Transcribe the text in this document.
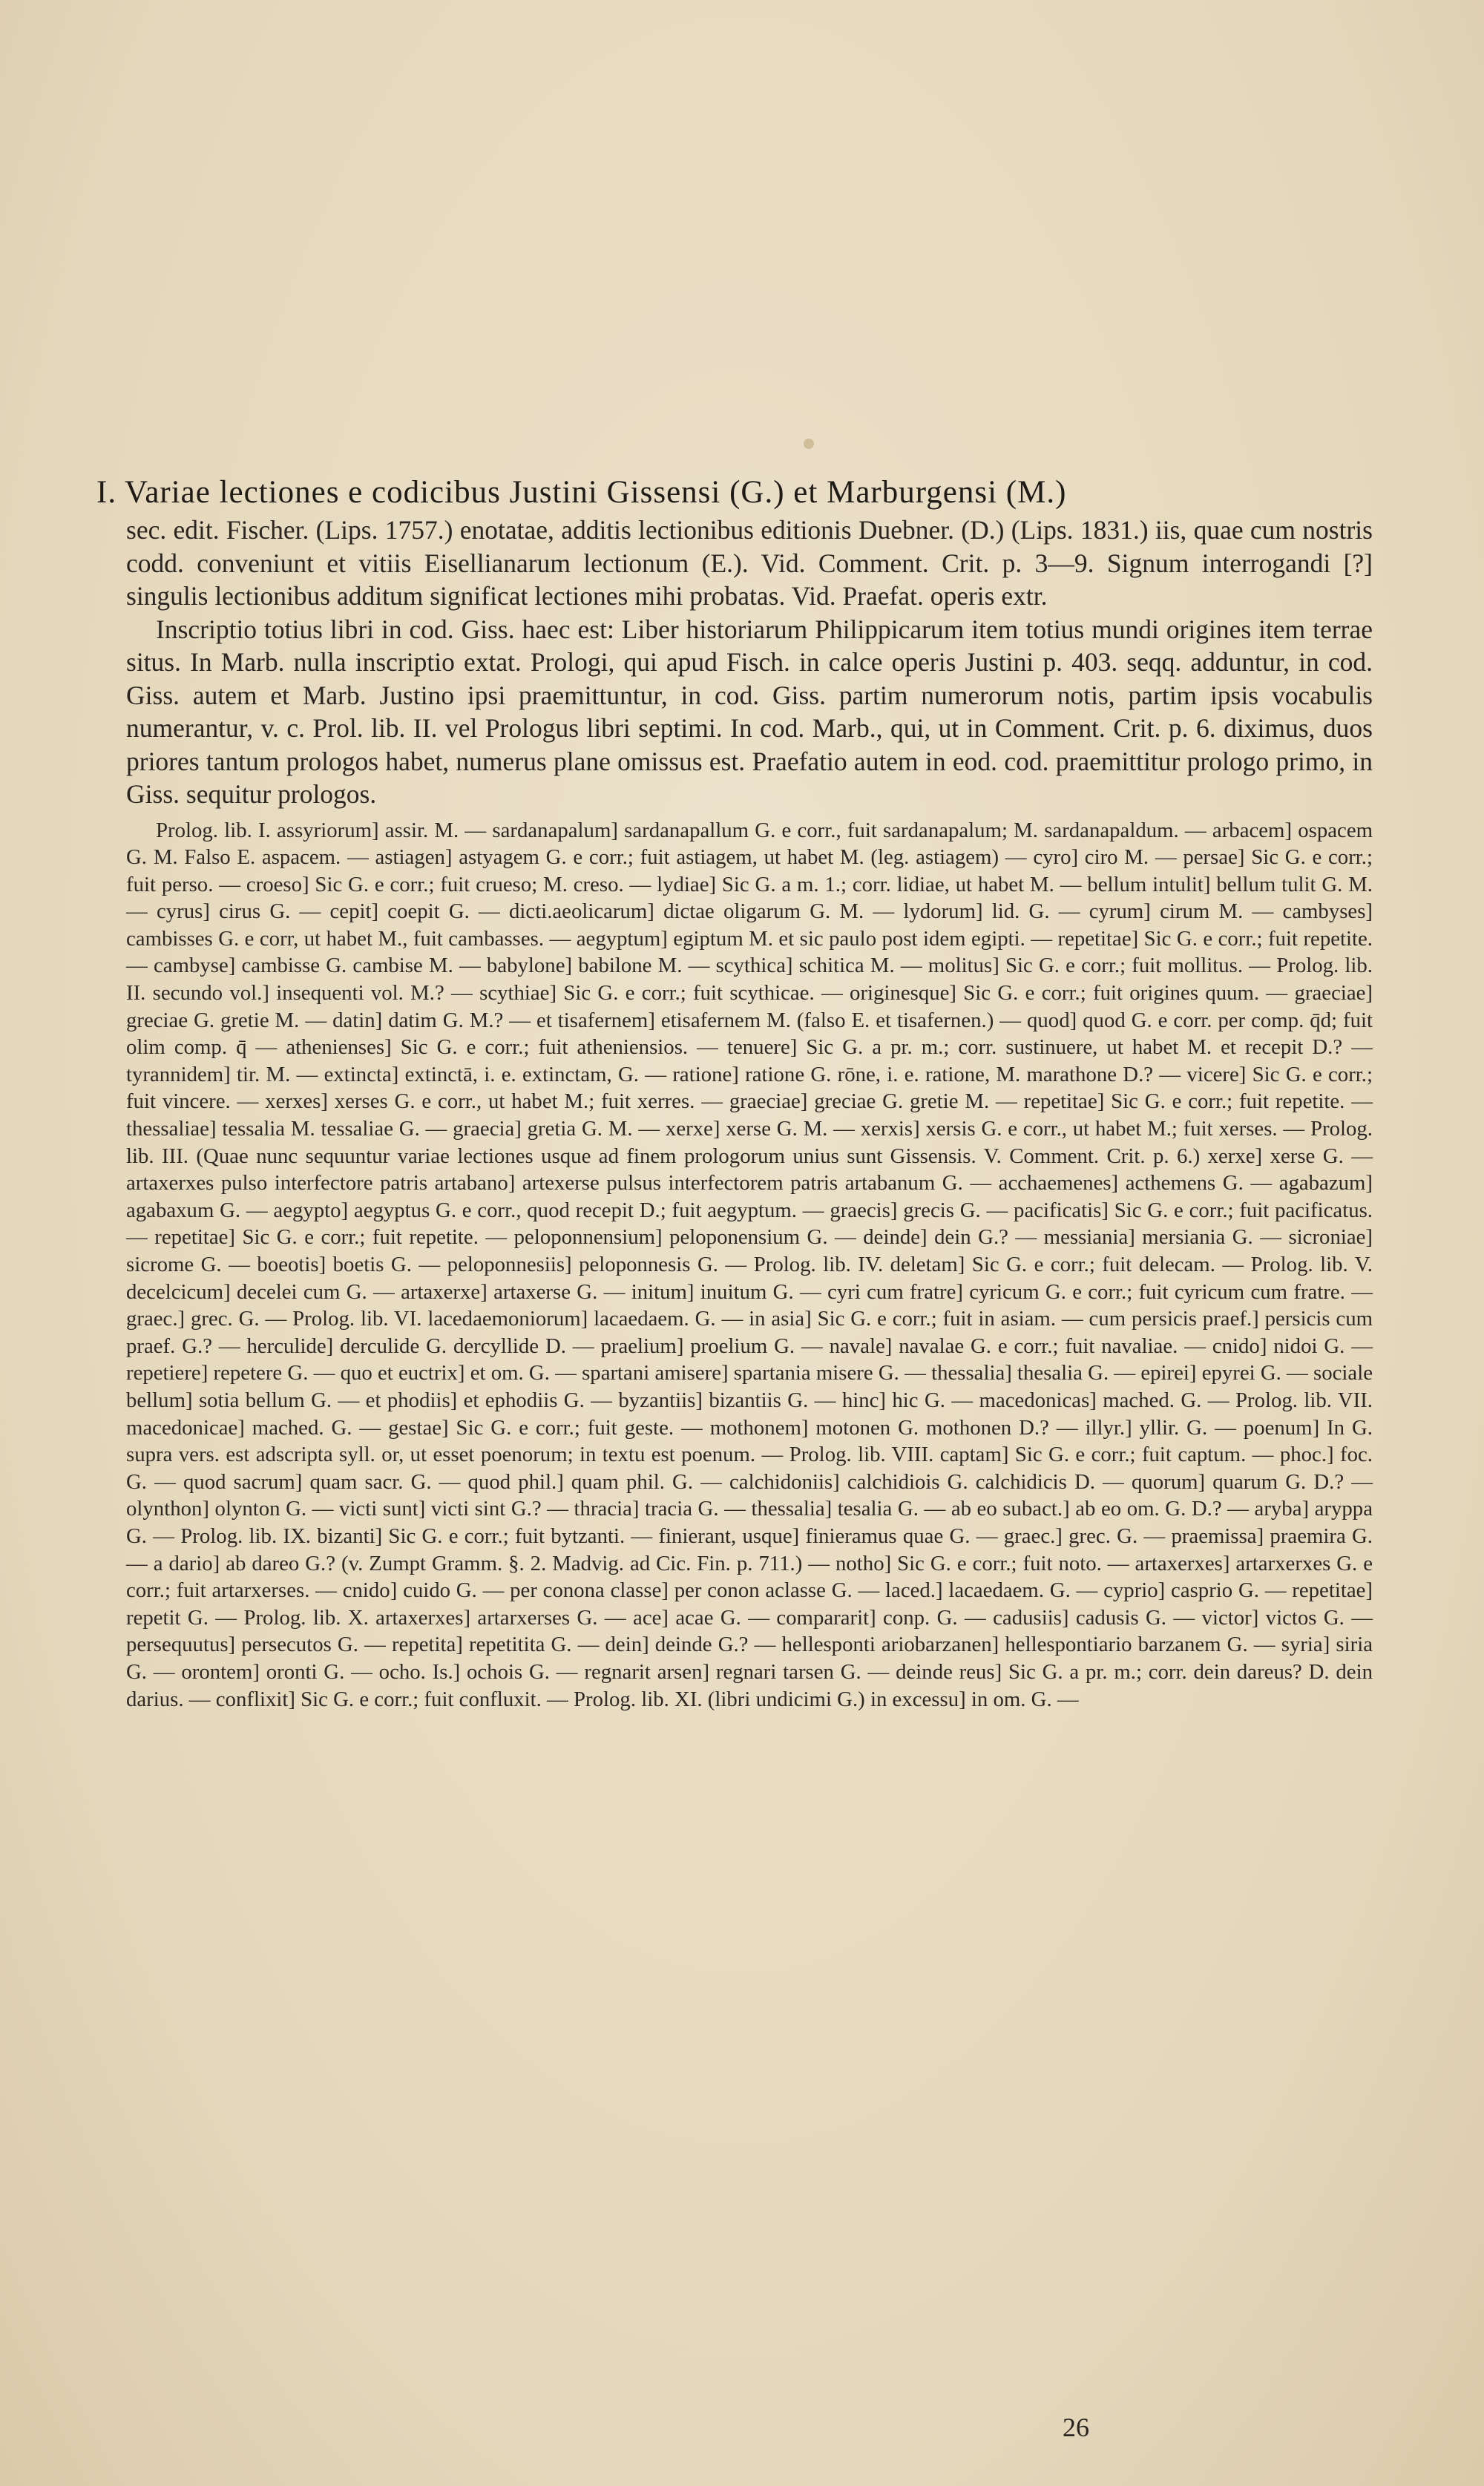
I. Variae lectiones e codicibus Justini Gissensi (G.) et Marburgensi (M.)

sec. edit. Fischer. (Lips. 1757.) enotatae, additis lectionibus editionis Duebner. (D.) (Lips. 1831.) iis, quae cum nostris codd. conveniunt et vitiis Eisellianarum lectionum (E.). Vid. Comment. Crit. p. 3—9. Signum interrogandi [?] singulis lectionibus additum significat lectiones mihi probatas. Vid. Praefat. operis extr.

Inscriptio totius libri in cod. Giss. haec est: Liber historiarum Philippicarum item totius mundi origines item terrae situs. In Marb. nulla inscriptio extat. Prologi, qui apud Fisch. in calce operis Justini p. 403. seqq. adduntur, in cod. Giss. autem et Marb. Justino ipsi praemittuntur, in cod. Giss. partim numerorum notis, partim ipsis vocabulis numerantur, v. c. Prol. lib. II. vel Prologus libri septimi. In cod. Marb., qui, ut in Comment. Crit. p. 6. diximus, duos priores tantum prologos habet, numerus plane omissus est. Praefatio autem in eod. cod. praemittitur prologo primo, in Giss. sequitur prologos.

Prolog. lib. I. assyriorum] assir. M. — sardanapalum] sardanapallum G. e corr., fuit sardanapalum; M. sardanapaldum. — arbacem] ospacem G. M. Falso E. aspacem. — astiagen] astyagem G. e corr.; fuit astiagem, ut habet M. (leg. astiagem) — cyro] ciro M. — persae] Sic G. e corr.; fuit perso. — croeso] Sic G. e corr.; fuit crueso; M. creso. — lydiae] Sic G. a m. 1.; corr. lidiae, ut habet M. — bellum intulit] bellum tulit G. M. — cyrus] cirus G. — cepit] coepit G. — dicti.aeolicarum] dictae oligarum G. M. — lydorum] lid. G. — cyrum] cirum M. — cambyses] cambisses G. e corr, ut habet M., fuit cambasses. — aegyptum] egiptum M. et sic paulo post idem egipti. — repetitae] Sic G. e corr.; fuit repetite. — cambyse] cambisse G. cambise M. — babylone] babilone M. — scythica] schitica M. — molitus] Sic G. e corr.; fuit mollitus. — Prolog. lib. II. secundo vol.] insequenti vol. M.? — scythiae] Sic G. e corr.; fuit scythicae. — originesque] Sic G. e corr.; fuit origines quum. — graeciae] greciae G. gretie M. — datin] datim G. M.? — et tisafernem] etisafernem M. (falso E. et tisafernen.) — quod] quod G. e corr. per comp. q̄d; fuit olim comp. q̄ — athenienses] Sic G. e corr.; fuit atheniensios. — tenuere] Sic G. a pr. m.; corr. sustinuere, ut habet M. et recepit D.? — tyrannidem] tir. M. — extincta] extinctā, i. e. extinctam, G. — ratione] ratione G. rōne, i. e. ratione, M. marathone D.? — vicere] Sic G. e corr.; fuit vincere. — xerxes] xerses G. e corr., ut habet M.; fuit xerres. — graeciae] greciae G. gretie M. — repetitae] Sic G. e corr.; fuit repetite. — thessaliae] tessalia M. tessaliae G. — graecia] gretia G. M. — xerxe] xerse G. M. — xerxis] xersis G. e corr., ut habet M.; fuit xerses. — Prolog. lib. III. (Quae nunc sequuntur variae lectiones usque ad finem prologorum unius sunt Gissensis. V. Comment. Crit. p. 6.) xerxe] xerse G. — artaxerxes pulso interfectore patris artabano] artexerse pulsus interfectorem patris artabanum G. — acchaemenes] acthemens G. — agabazum] agabaxum G. — aegypto] aegyptus G. e corr., quod recepit D.; fuit aegyptum. — graecis] grecis G. — pacificatis] Sic G. e corr.; fuit pacificatus. — repetitae] Sic G. e corr.; fuit repetite. — peloponnensium] peloponensium G. — deinde] dein G.? — messiania] mersiania G. — sicroniae] sicrome G. — boeotis] boetis G. — peloponnesiis] peloponnesis G. — Prolog. lib. IV. deletam] Sic G. e corr.; fuit delecam. — Prolog. lib. V. decelcicum] decelei cum G. — artaxerxe] artaxerse G. — initum] inuitum G. — cyri cum fratre] cyricum G. e corr.; fuit cyricum cum fratre. — graec.] grec. G. — Prolog. lib. VI. lacedaemoniorum] lacaedaem. G. — in asia] Sic G. e corr.; fuit in asiam. — cum persicis praef.] persicis cum praef. G.? — herculide] derculide G. dercyllide D. — praelium] proelium G. — navale] navalae G. e corr.; fuit navaliae. — cnido] nidoi G. — repetiere] repetere G. — quo et euctrix] et om. G. — spartani amisere] spartania misere G. — thessalia] thesalia G. — epirei] epyrei G. — sociale bellum] sotia bellum G. — et phodiis] et ephodiis G. — byzantiis] bizantiis G. — hinc] hic G. — macedonicas] mached. G. — Prolog. lib. VII. macedonicae] mached. G. — gestae] Sic G. e corr.; fuit geste. — mothonem] motonen G. mothonen D.? — illyr.] yllir. G. — poenum] In G. supra vers. est adscripta syll. or, ut esset poenorum; in textu est poenum. — Prolog. lib. VIII. captam] Sic G. e corr.; fuit captum. — phoc.] foc. G. — quod sacrum] quam sacr. G. — quod phil.] quam phil. G. — calchidoniis] calchidiois G. calchidicis D. — quorum] quarum G. D.? — olynthon] olynton G. — victi sunt] victi sint G.? — thracia] tracia G. — thessalia] tesalia G. — ab eo subact.] ab eo om. G. D.? — aryba] aryppa G. — Prolog. lib. IX. bizanti] Sic G. e corr.; fuit bytzanti. — finierant, usque] finieramus quae G. — graec.] grec. G. — praemissa] praemira G. — a dario] ab dareo G.? (v. Zumpt Gramm. §. 2. Madvig. ad Cic. Fin. p. 711.) — notho] Sic G. e corr.; fuit noto. — artaxerxes] artarxerxes G. e corr.; fuit artarxerses. — cnido] cuido G. — per conona classe] per conon aclasse G. — laced.] lacaedaem. G. — cyprio] casprio G. — repetitae] repetit G. — Prolog. lib. X. artaxerxes] artarxerses G. — ace] acae G. — compararit] conp. G. — cadusiis] cadusis G. — victor] victos G. — persequutus] persecutos G. — repetita] repetitita G. — dein] deinde G.? — hellesponti ariobarzanen] hellespontiario barzanem G. — syria] siria G. — orontem] oronti G. — ocho. Is.] ochois G. — regnarit arsen] regnari tarsen G. — deinde reus] Sic G. a pr. m.; corr. dein dareus? D. dein darius. — conflixit] Sic G. e corr.; fuit confluxit. — Prolog. lib. XI. (libri undicimi G.) in excessu] in om. G. —

26
